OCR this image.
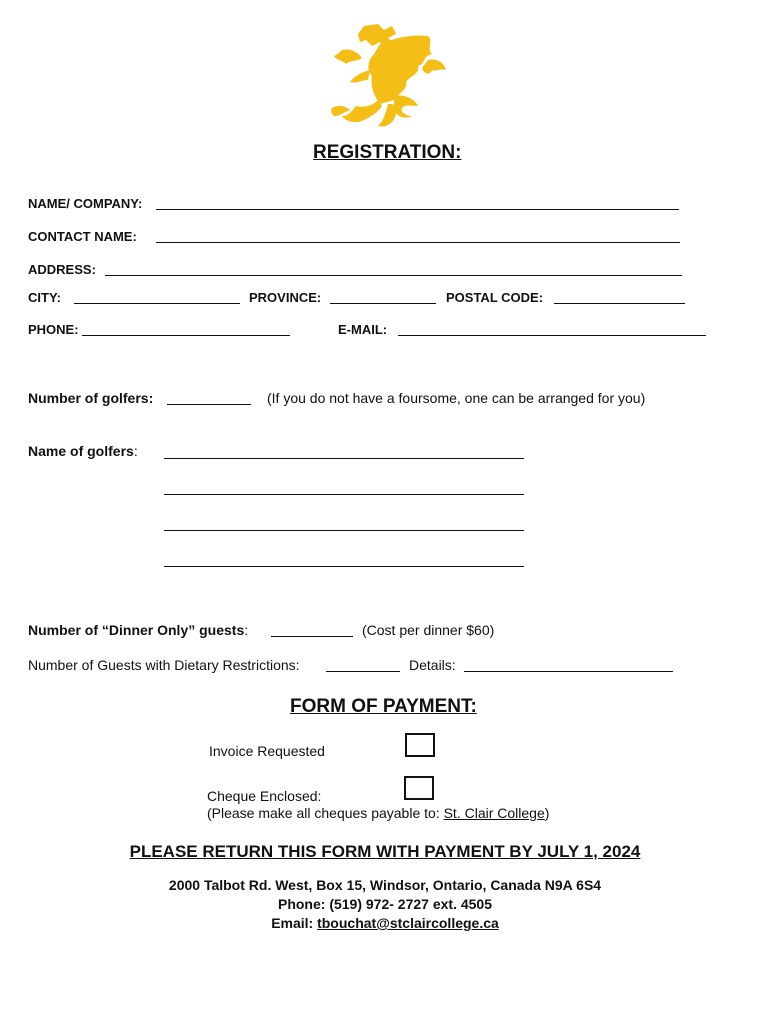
REGISTRATION:
NAME/ COMPANY:
CONTACT NAME:
ADDRESS:
CITY:	PROVINCE:	POSTAL CODE:
PHONE:	E-MAIL:
Number of golfers:	(If you do not have a foursome, one can be arranged for you)
Name of golfers:
Number of “Dinner Only” guests:	(Cost per dinner $60)
Number of Guests with Dietary Restrictions:	Details:
FORM OF PAYMENT:
Invoice Requested
Cheque Enclosed:
(Please make all cheques payable to: St. Clair College)
PLEASE RETURN THIS FORM WITH PAYMENT BY JULY 1, 2024
2000 Talbot Rd. West, Box 15, Windsor, Ontario, Canada N9A 6S4
Phone: (519) 972- 2727 ext. 4505
Email: tbouchat@stclaircollege.ca
